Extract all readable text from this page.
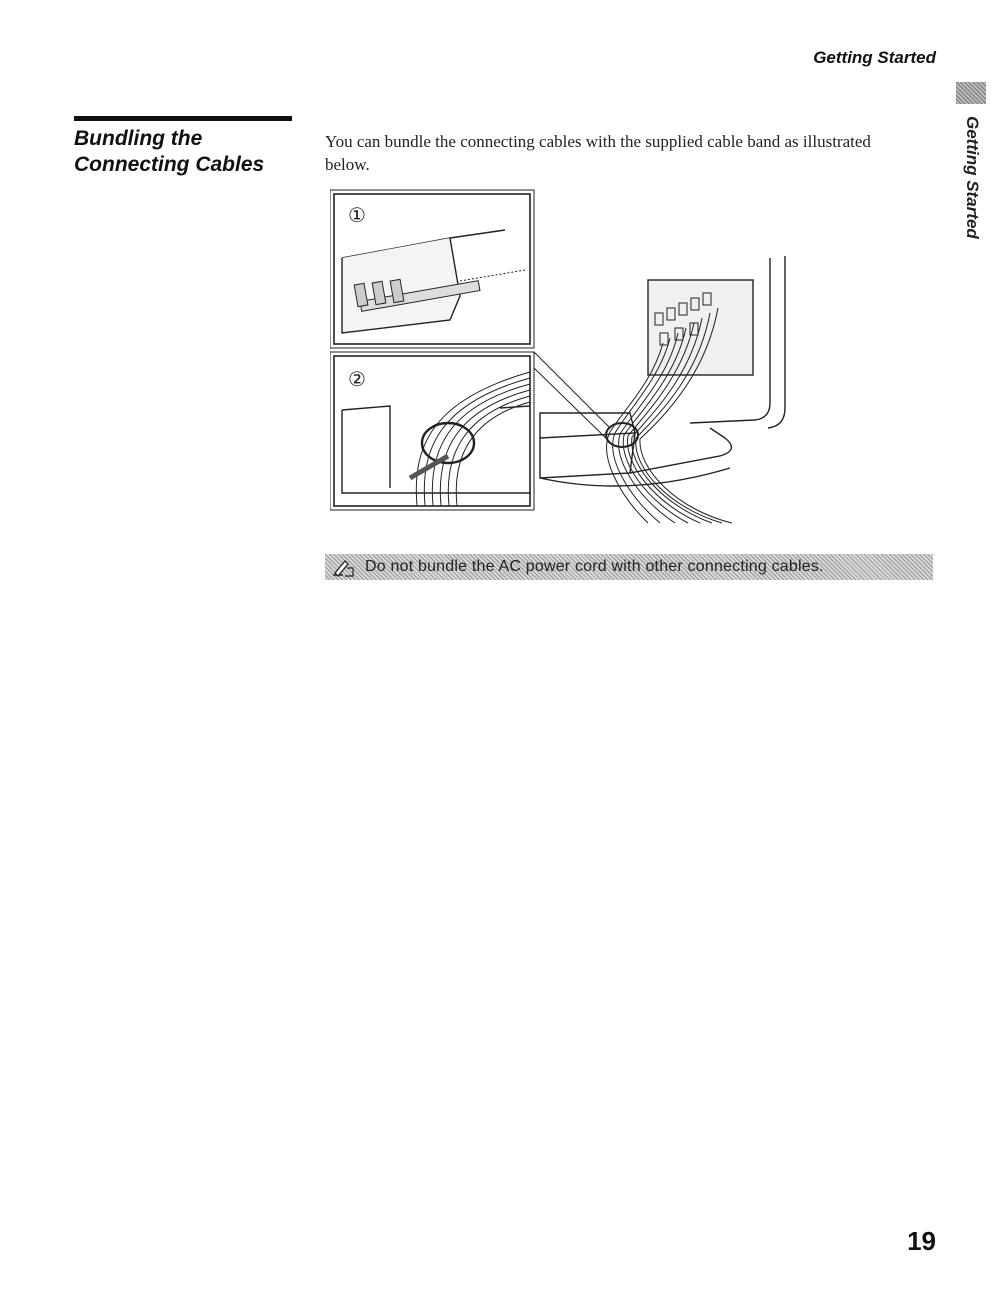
Getting Started
Getting Started
Bundling the
Connecting Cables

You can bundle the connecting cables with the supplied cable band as illustrated below.

①
②
Do not bundle the AC power cord with other connecting cables.
19
